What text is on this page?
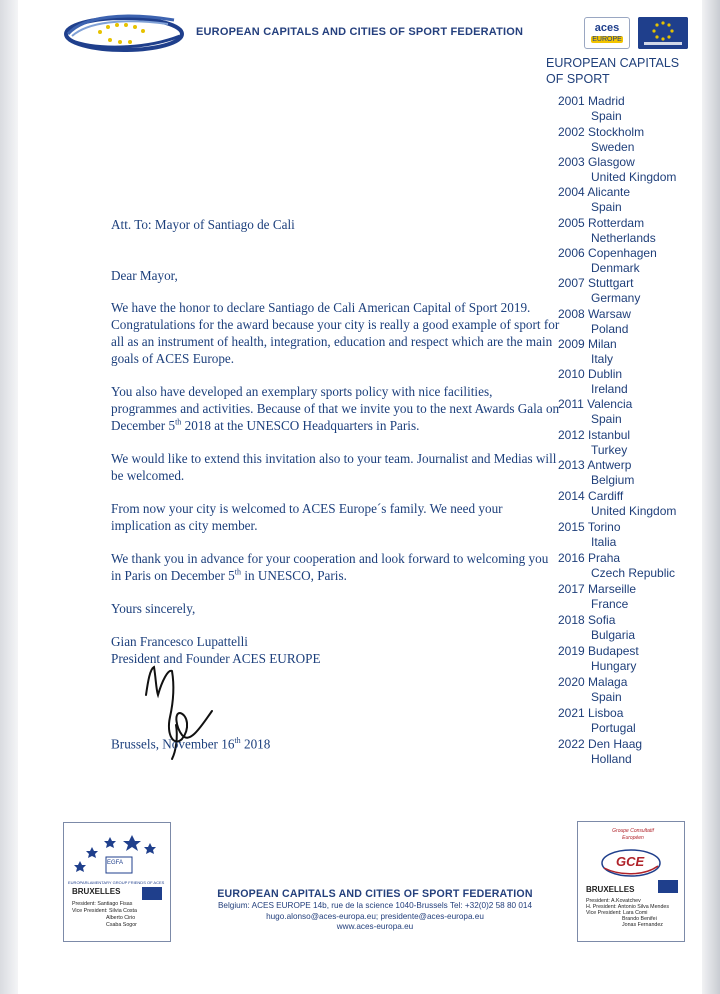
EUROPEAN CAPITALS AND CITIES OF SPORT FEDERATION	aces
EUROPE
EUROPEAN CAPITALS
OF SPORT
2001 Madrid
Spain
2002 Stockholm
Sweden
2003 Glasgow
United Kingdom
2004 Alicante
Spain
2005 Rotterdam
Netherlands
2006 Copenhagen
Denmark
2007 Stuttgart
Germany
2008 Warsaw
Poland
2009 Milan
Italy
2010 Dublin
Ireland
2011 Valencia
Spain
2012 Istanbul
Turkey
2013 Antwerp
Belgium
2014 Cardiff
United Kingdom
2015 Torino
Italia
2016 Praha
Czech Republic
2017 Marseille
France
2018 Sofia
Bulgaria
2019 Budapest
Hungary
2020 Malaga
Spain
2021 Lisboa
Portugal
2022 Den Haag
Holland

Att. To: Mayor of Santiago de Cali

Dear Mayor,

We have the honor to declare Santiago de Cali American Capital of Sport 2019. Congratulations for the award because your city is really a good example of sport for all as an instrument of health, integration, education and respect which are the main goals of ACES Europe.

You also have developed an exemplary sports policy with nice facilities, programmes and activities. Because of that we invite you to the next Awards Gala on December 5th 2018 at the UNESCO Headquarters in Paris.

We would like to extend this invitation also to your team. Journalist and Medias will be welcomed.

From now your city is welcomed to ACES Europe´s family. We need your implication as city member.

We thank you in advance for your cooperation and look forward to welcoming you in Paris on December 5th in UNESCO, Paris.

Yours sincerely,

Gian Francesco Lupattelli

President and Founder ACES EUROPE

Brussels, November 16th 2018
EGFA
EUROPARLAMENTARY GROUP FRIENDS OF ACES
BRUXELLES
President: Santiago Fisas
Vice President: Silvia Costa
Alberto Cirio
Csaba Sogor
Groupe Consultatif Européen
GCE
BRUXELLES
President: A.Kovatchev
H. President: Antonio Silva Mendes
Vice President: Lara Comi
Brando Benifei
Jonas Fernandez
EUROPEAN CAPITALS AND CITIES OF SPORT FEDERATION
Belgium: ACES EUROPE 14b, rue de la science 1040-Brussels Tel: +32(0)2 58 80 014
hugo.alonso@aces-europa.eu; presidente@aces-europa.eu
www.aces-europa.eu
